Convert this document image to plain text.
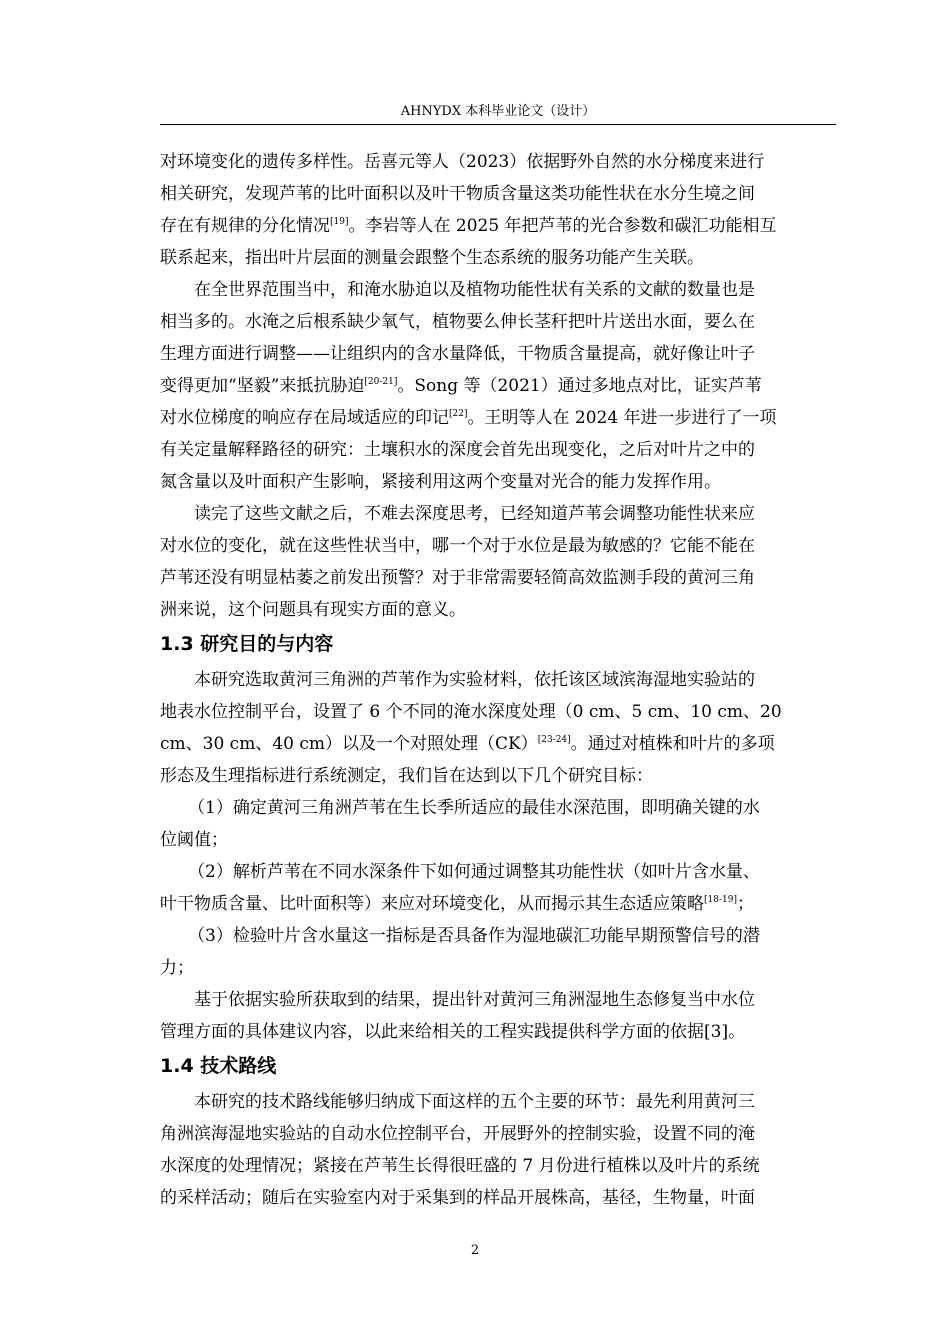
AHNYDX 本科毕业论文（设计）
对环境变化的遗传多样性。岳喜元等人（2023）依据野外自然的水分梯度来进行
相关研究，发现芦苇的比叶面积以及叶干物质含量这类功能性状在水分生境之间
存在有规律的分化情况[19]。李岩等人在 2025 年把芦苇的光合参数和碳汇功能相互
联系起来，指出叶片层面的测量会跟整个生态系统的服务功能产生关联。
在全世界范围当中，和淹水胁迫以及植物功能性状有关系的文献的数量也是
相当多的。水淹之后根系缺少氧气，植物要么伸长茎秆把叶片送出水面，要么在
生理方面进行调整——让组织内的含水量降低，干物质含量提高，就好像让叶子
变得更加“坚毅”来抵抗胁迫[20-21]。Song 等（2021）通过多地点对比，证实芦苇
对水位梯度的响应存在局域适应的印记[22]。王明等人在 2024 年进一步进行了一项
有关定量解释路径的研究：土壤积水的深度会首先出现变化，之后对叶片之中的
氮含量以及叶面积产生影响，紧接利用这两个变量对光合的能力发挥作用。
读完了这些文献之后，不难去深度思考，已经知道芦苇会调整功能性状来应
对水位的变化，就在这些性状当中，哪一个对于水位是最为敏感的？它能不能在
芦苇还没有明显枯萎之前发出预警？对于非常需要轻简高效监测手段的黄河三角
洲来说，这个问题具有现实方面的意义。
1.3 研究目的与内容
本研究选取黄河三角洲的芦苇作为实验材料，依托该区域滨海湿地实验站的
地表水位控制平台，设置了 6 个不同的淹水深度处理（0 cm、5 cm、10 cm、20
cm、30 cm、40 cm）以及一个对照处理（CK）[23-24]。通过对植株和叶片的多项
形态及生理指标进行系统测定，我们旨在达到以下几个研究目标：
（1）确定黄河三角洲芦苇在生长季所适应的最佳水深范围，即明确关键的水
位阈值；
（2）解析芦苇在不同水深条件下如何通过调整其功能性状（如叶片含水量、
叶干物质含量、比叶面积等）来应对环境变化，从而揭示其生态适应策略[18-19]；
（3）检验叶片含水量这一指标是否具备作为湿地碳汇功能早期预警信号的潜
力；
基于依据实验所获取到的结果，提出针对黄河三角洲湿地生态修复当中水位
管理方面的具体建议内容，以此来给相关的工程实践提供科学方面的依据[3]。
1.4 技术路线
本研究的技术路线能够归纳成下面这样的五个主要的环节：最先利用黄河三
角洲滨海湿地实验站的自动水位控制平台，开展野外的控制实验，设置不同的淹
水深度的处理情况；紧接在芦苇生长得很旺盛的 7 月份进行植株以及叶片的系统
的采样活动；随后在实验室内对于采集到的样品开展株高，基径，生物量，叶面
2
